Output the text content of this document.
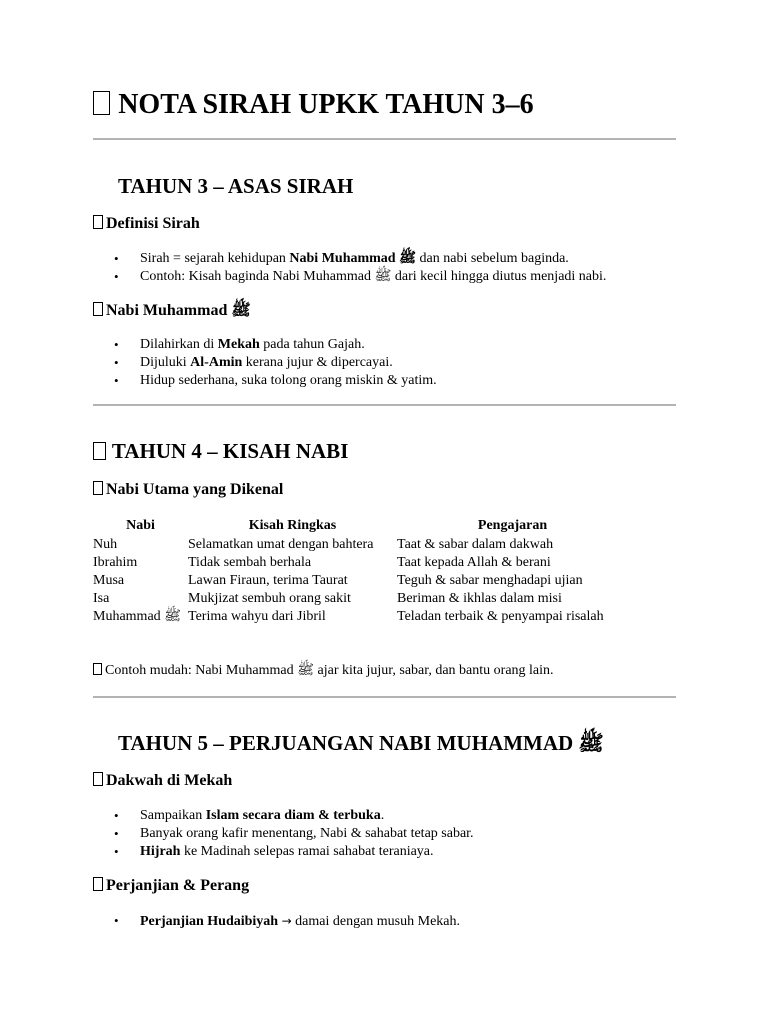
NOTA SIRAH UPKK TAHUN 3–6
TAHUN 3 – ASAS SIRAH
Definisi Sirah
• Sirah = sejarah kehidupan Nabi Muhammad ﷺ dan nabi sebelum baginda.
• Contoh: Kisah baginda Nabi Muhammad ﷺ dari kecil hingga diutus menjadi nabi.
Nabi Muhammad ﷺ
• Dilahirkan di Mekah pada tahun Gajah.
• Dijuluki Al-Amin kerana jujur & dipercayai.
• Hidup sederhana, suka tolong orang miskin & yatim.
TAHUN 4 – KISAH NABI
Nabi Utama yang Dikenal
Nabi	Kisah Ringkas	Pengajaran
Nuh	Selamatkan umat dengan bahtera	Taat & sabar dalam dakwah
Ibrahim	Tidak sembah berhala	Taat kepada Allah & berani
Musa	Lawan Firaun, terima Taurat	Teguh & sabar menghadapi ujian
Isa	Mukjizat sembuh orang sakit	Beriman & ikhlas dalam misi
Muhammad ﷺ	Terima wahyu dari Jibril	Teladan terbaik & penyampai risalah
Contoh mudah: Nabi Muhammad ﷺ ajar kita jujur, sabar, dan bantu orang lain.
TAHUN 5 – PERJUANGAN NABI MUHAMMAD ﷺ
Dakwah di Mekah
• Sampaikan Islam secara diam & terbuka.
• Banyak orang kafir menentang, Nabi & sahabat tetap sabar.
• Hijrah ke Madinah selepas ramai sahabat teraniaya.
Perjanjian & Perang
• Perjanjian Hudaibiyah → damai dengan musuh Mekah.
